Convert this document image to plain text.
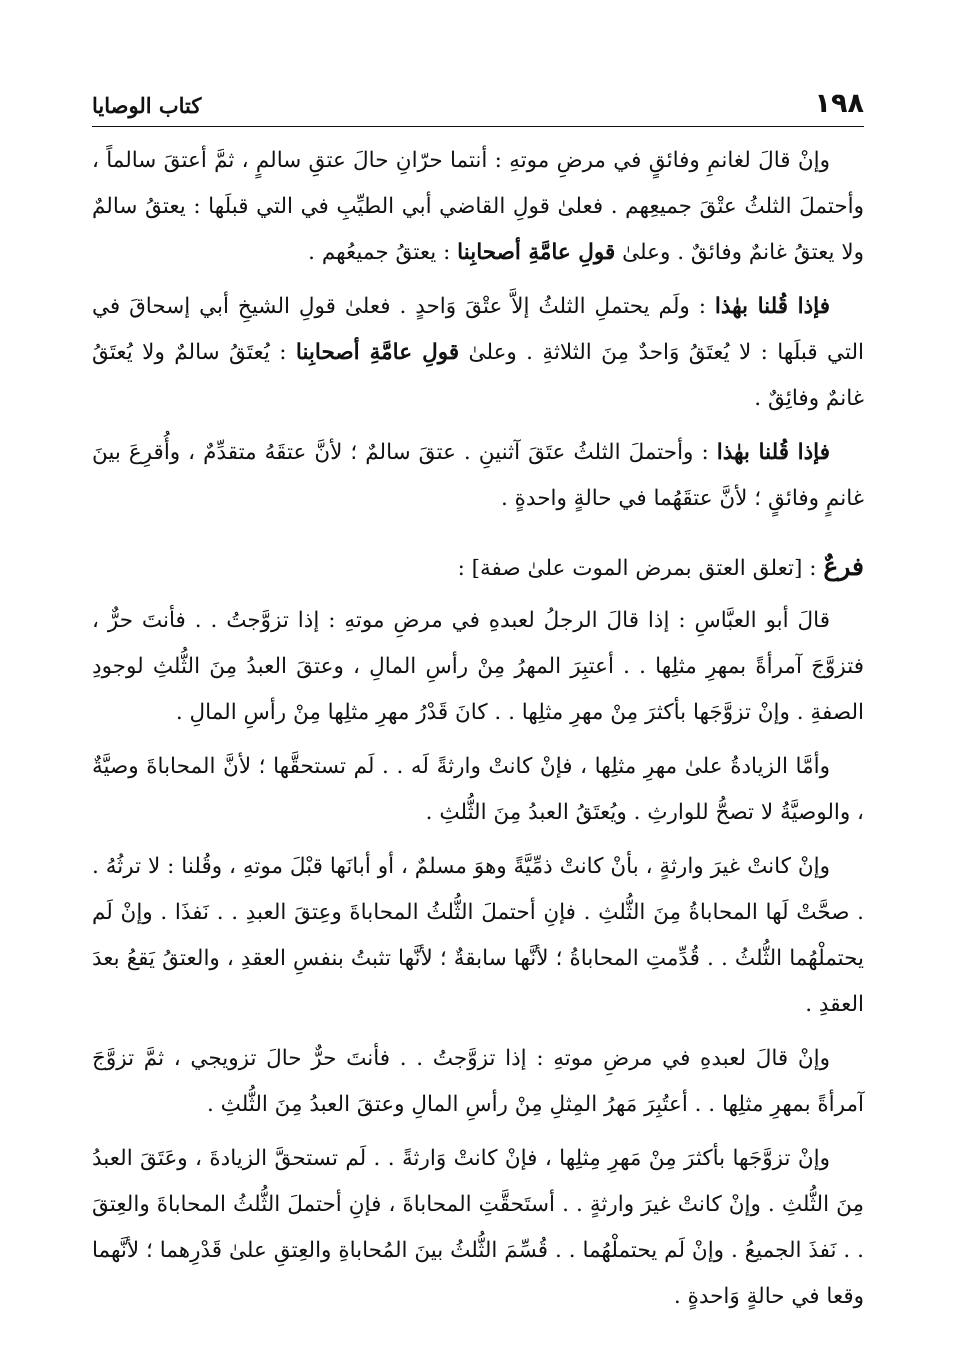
١٩٨
كتاب الوصايا

وإنْ قالَ لغانمِ وفائقٍ في مرضِ موتهِ : أنتما حرّانِ حالَ عتقِ سالمٍ ، ثمَّ أعتقَ سالماً ، وأحتملَ الثلثُ عتْقَ جميعِهم . فعلىٰ قولِ القاضي أبي الطيِّبِ في التي قبلَها : يعتقُ سالمٌ ولا يعتقُ غانمٌ وفائقٌ . وعلىٰ قولِ عامَّةِ أصحابِنا : يعتقُ جميعُهم .

فإذا قُلنا بهٰذا : ولَم يحتملِ الثلثُ إلاَّ عتْقَ وَاحدٍ . فعلىٰ قولِ الشيخِ أبي إسحاقَ في التي قبلَها : لا يُعتَقُ وَاحدٌ مِنَ الثلاثةِ . وعلىٰ قولِ عامَّةِ أصحابِنا : يُعتَقُ سالمٌ ولا يُعتَقُ غانمٌ وفائِقٌ .

فإذا قُلنا بهٰذا : وأحتملَ الثلثُ عتَقَ آثنينِ . عتقَ سالمٌ ؛ لأنَّ عتقَهُ متقدِّمٌ ، وأُقرِعَ بينَ غانمٍ وفائقٍ ؛ لأنَّ عتقَهُما في حالةٍ واحدةٍ .

فرعٌ : [تعلق العتق بمرض الموت علىٰ صفة] :

قالَ أبو العبَّاسِ : إذا قالَ الرجلُ لعبدهِ في مرضِ موتهِ : إذا تزوَّجتُ . . فأنتَ حرٌّ ، فتزوَّجَ آمرأةً بمهرِ مثلِها . . أعتبِرَ المهرُ مِنْ رأسِ المالِ ، وعتقَ العبدُ مِنَ الثُّلثِ لوجودِ الصفةِ . وإنْ تزوَّجَها بأكثرَ مِنْ مهرِ مثلِها . . كانَ قَدْرُ مهرِ مثلِها مِنْ رأسِ المالِ .

وأمَّا الزيادةُ علىٰ مهرِ مثلِها ، فإنْ كانتْ وارثةً لَه . . لَم تستحقَّها ؛ لأنَّ المحاباةَ وصيَّةٌ ، والوصيَّةُ لا تصحُّ للوارثِ . ويُعتَقُ العبدُ مِنَ الثُّلثِ .

وإنْ كانتْ غيرَ وارثةٍ ، بأنْ كانتْ ذمِّيَّةً وهوَ مسلمٌ ، أو أبانَها قبْلَ موتهِ ، وقُلنا : لا ترثُهُ . . صحَّتْ لَها المحاباةُ مِنَ الثُّلثِ . فإنِ أحتملَ الثُّلثُ المحاباةَ وعِتقَ العبدِ . . نَفذَا . وإنْ لَم يحتملْهُما الثُّلثُ . . قُدِّمتِ المحاباةُ ؛ لأنَّها سابقةٌ ؛ لأنَّها تثبتُ بنفسِ العقدِ ، والعتقُ يَقعُ بعدَ العقدِ .

وإنْ قالَ لعبدهِ في مرضِ موتهِ : إذا تزوَّجتُ . . فأنتَ حرٌّ حالَ تزويجي ، ثمَّ تزوَّجَ آمرأةً بمهرِ مثلِها . . أعتُبِرَ مَهرُ المِثلِ مِنْ رأسِ المالِ وعتقَ العبدُ مِنَ الثُّلثِ .

وإنْ تزوَّجَها بأكثرَ مِنْ مَهرِ مِثلِها ، فإنْ كانتْ وَارثةً . . لَم تستحقَّ الزيادةَ ، وعَتَقَ العبدُ مِنَ الثُّلثِ . وإنْ كانتْ غيرَ وارثةٍ . . أستَحقَّتِ المحاباةَ ، فإنِ أحتملَ الثُّلثُ المحاباةَ والعِتقَ . . نَفذَ الجميعُ . وإنْ لَم يحتملْهُما . . قُسِّمَ الثُّلثُ بينَ المُحاباةِ والعِتقِ علىٰ قَدْرِهما ؛ لأنَّهما وقعا في حالةٍ وَاحدةٍ .
